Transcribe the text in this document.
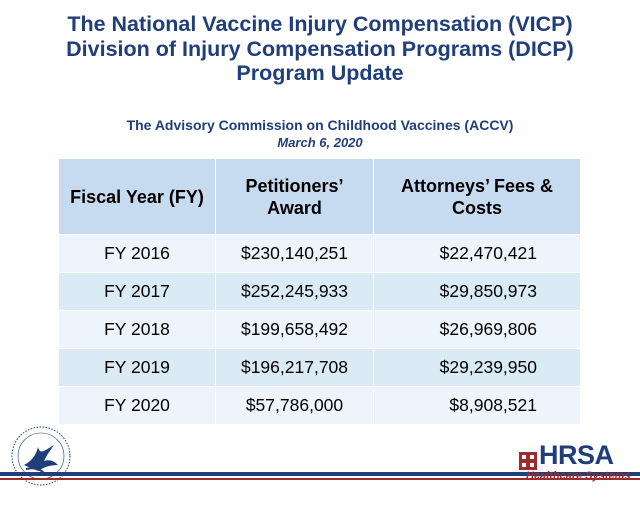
The National Vaccine Injury Compensation (VICP)
Division of Injury Compensation Programs (DICP)
Program Update
The Advisory Commission on Childhood Vaccines (ACCV)
March 6, 2020
Fiscal Year (FY)	Petitioners’ Award	Attorneys’ Fees & Costs
FY 2016	$230,140,251	$22,470,421
FY 2017	$252,245,933	$29,850,973
FY 2018	$199,658,492	$26,969,806
FY 2019	$196,217,708	$29,239,950
FY 2020	$57,786,000	$8,908,521
HRSA
Healthcare Systems
